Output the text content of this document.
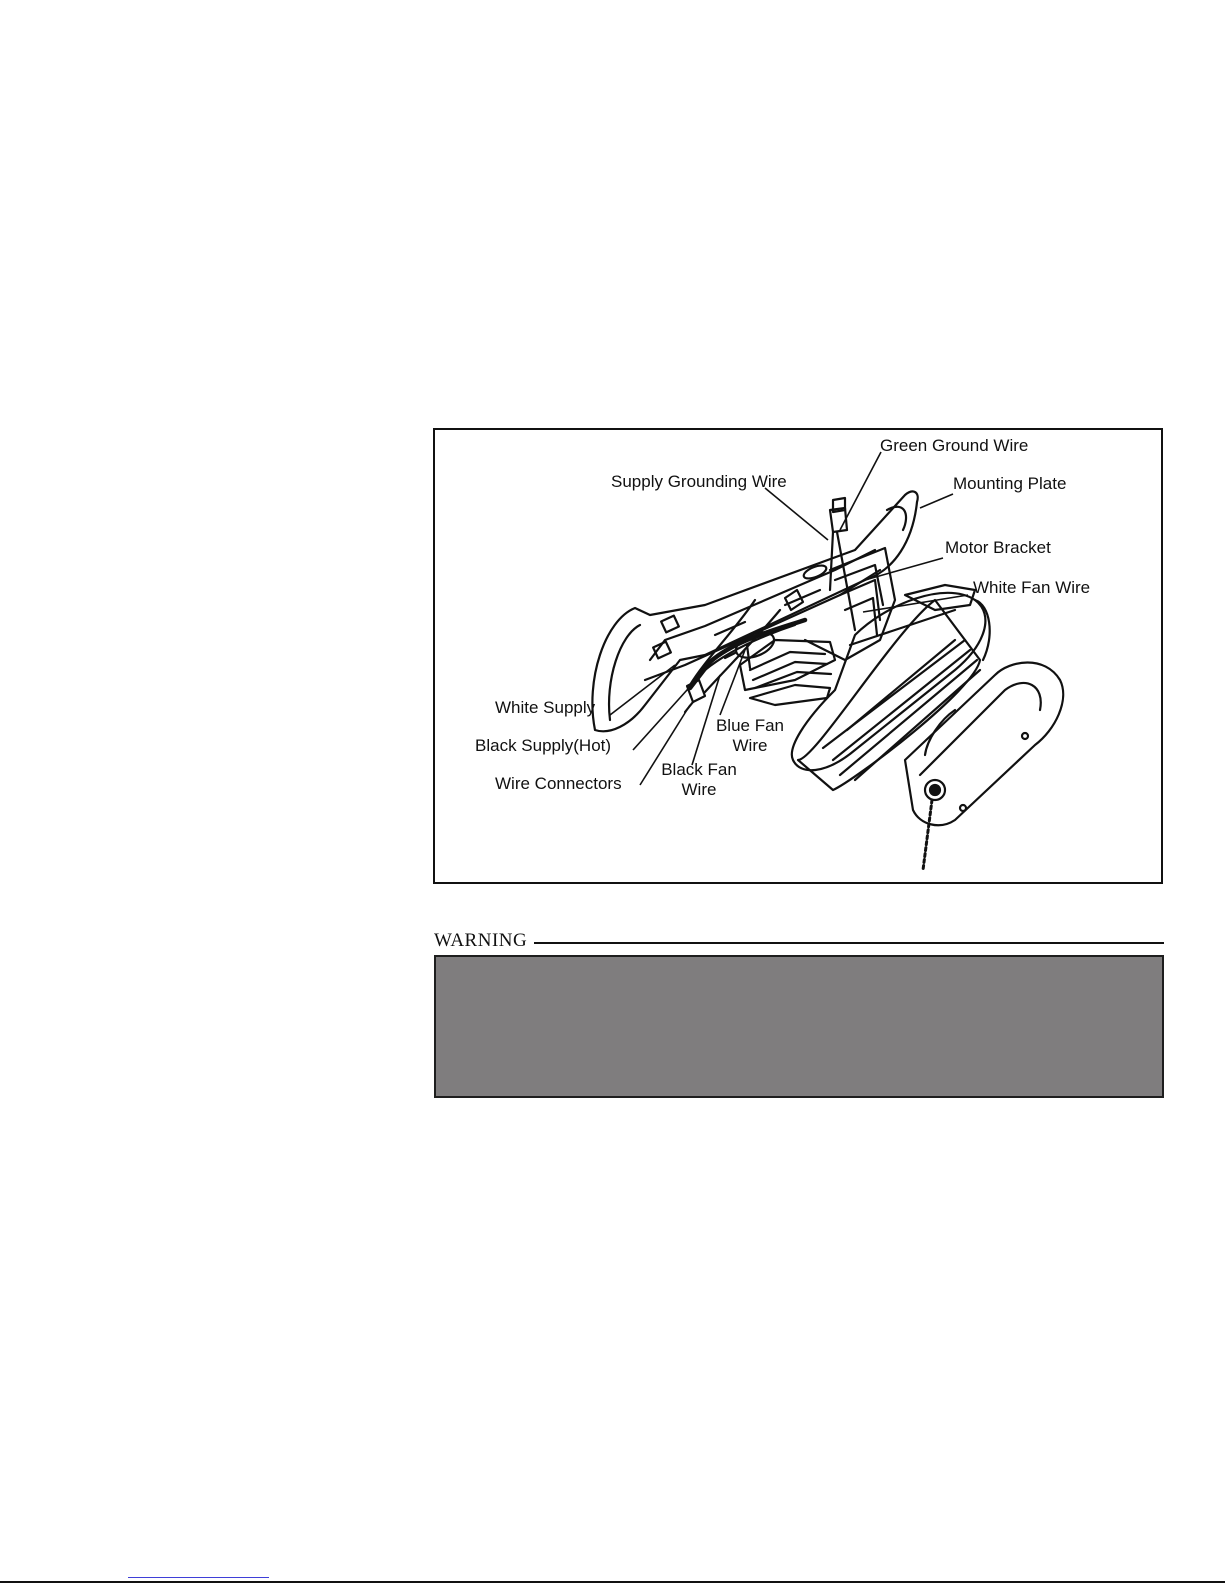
Green Ground Wire
Supply Grounding Wire	Mounting Plate
Motor Bracket
White Fan Wire
White Supply
Black Supply(Hot)
Wire Connectors
Blue Fan
Wire
Black Fan
Wire
WARNING
